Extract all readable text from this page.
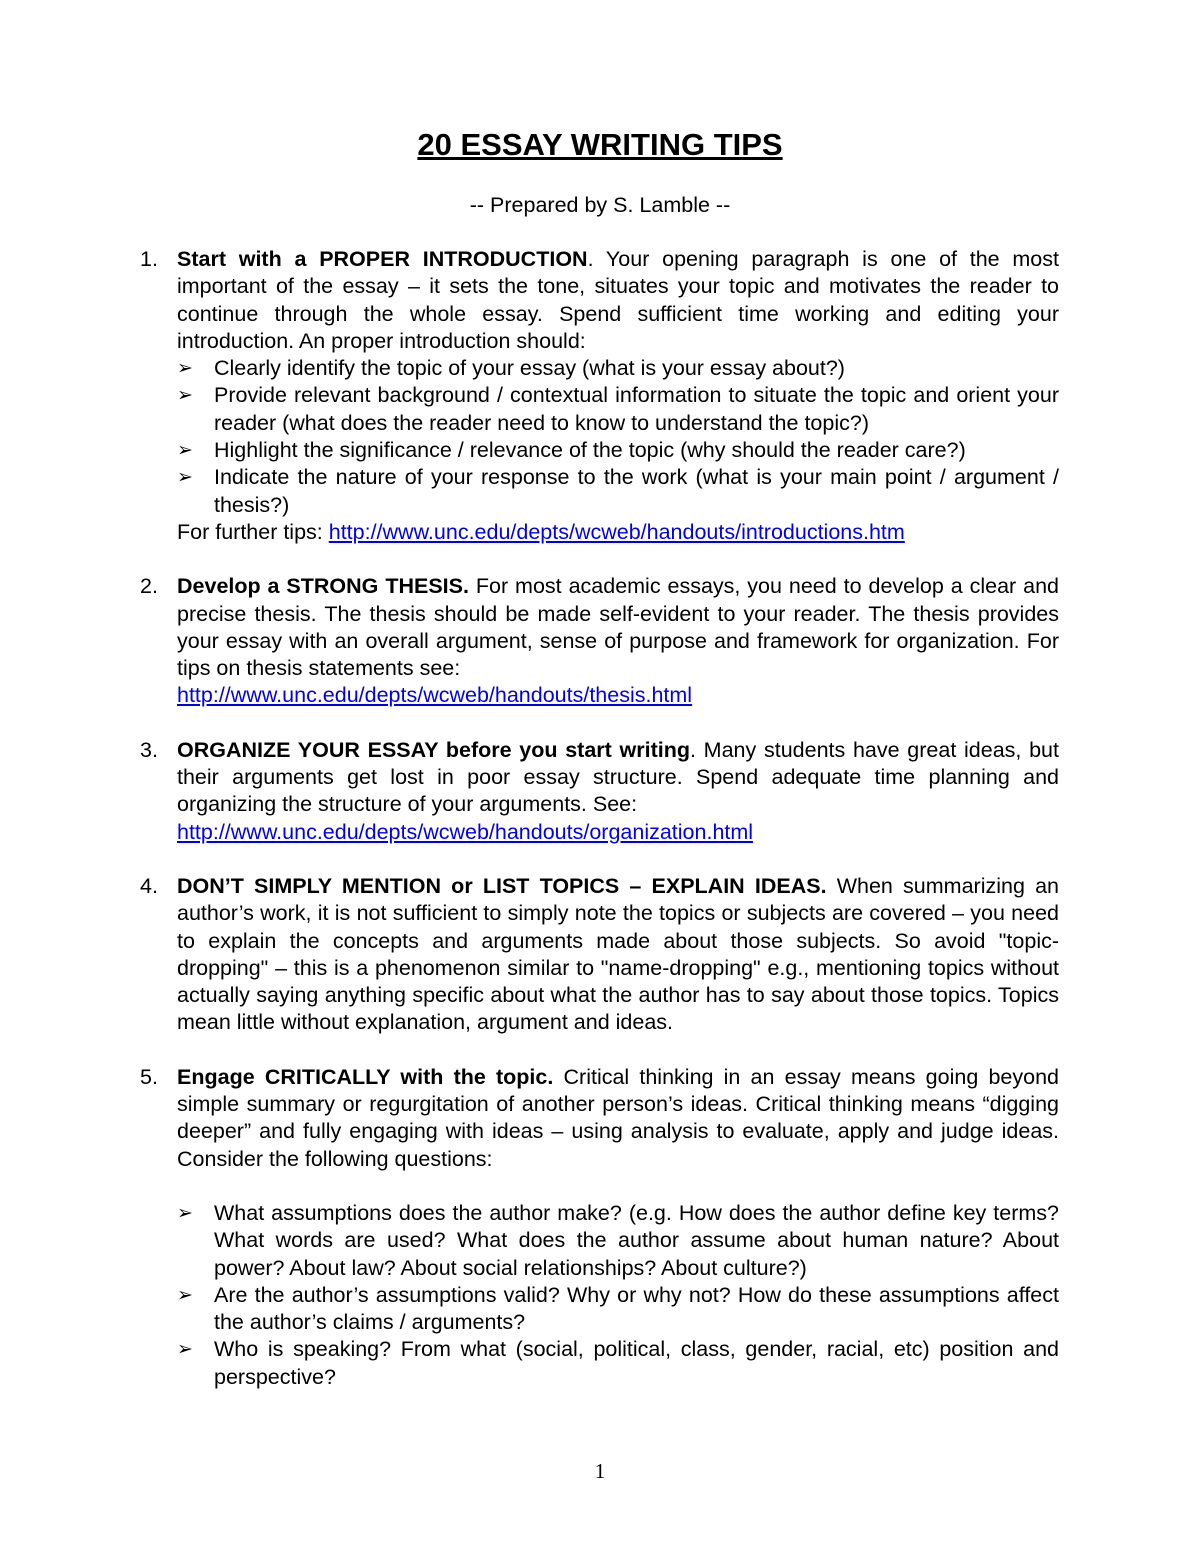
20 ESSAY WRITING TIPS
-- Prepared by S. Lamble --
1. Start with a PROPER INTRODUCTION. Your opening paragraph is one of the most important of the essay – it sets the tone, situates your topic and motivates the reader to continue through the whole essay. Spend sufficient time working and editing your introduction. An proper introduction should:

➢ Clearly identify the topic of your essay (what is your essay about?)
➢ Provide relevant background / contextual information to situate the topic and orient your reader (what does the reader need to know to understand the topic?)
➢ Highlight the significance / relevance of the topic (why should the reader care?)
➢ Indicate the nature of your response to the work (what is your main point / argument / thesis?)

For further tips: http://www.unc.edu/depts/wcweb/handouts/introductions.htm

2. Develop a STRONG THESIS. For most academic essays, you need to develop a clear and precise thesis. The thesis should be made self-evident to your reader. The thesis provides your essay with an overall argument, sense of purpose and framework for organization. For tips on thesis statements see:

http://www.unc.edu/depts/wcweb/handouts/thesis.html

3. ORGANIZE YOUR ESSAY before you start writing. Many students have great ideas, but their arguments get lost in poor essay structure. Spend adequate time planning and organizing the structure of your arguments. See:

http://www.unc.edu/depts/wcweb/handouts/organization.html

4. DON’T SIMPLY MENTION or LIST TOPICS – EXPLAIN IDEAS. When summarizing an author’s work, it is not sufficient to simply note the topics or subjects are covered – you need to explain the concepts and arguments made about those subjects. So avoid "topic-dropping" – this is a phenomenon similar to "name-dropping" e.g., mentioning topics without actually saying anything specific about what the author has to say about those topics. Topics mean little without explanation, argument and ideas.

5. Engage CRITICALLY with the topic. Critical thinking in an essay means going beyond simple summary or regurgitation of another person’s ideas. Critical thinking means “digging deeper” and fully engaging with ideas – using analysis to evaluate, apply and judge ideas. Consider the following questions:

➢ What assumptions does the author make? (e.g. How does the author define key terms? What words are used? What does the author assume about human nature? About power? About law? About social relationships? About culture?)
➢ Are the author’s assumptions valid? Why or why not? How do these assumptions affect the author’s claims / arguments?
➢ Who is speaking? From what (social, political, class, gender, racial, etc) position and perspective?
1
